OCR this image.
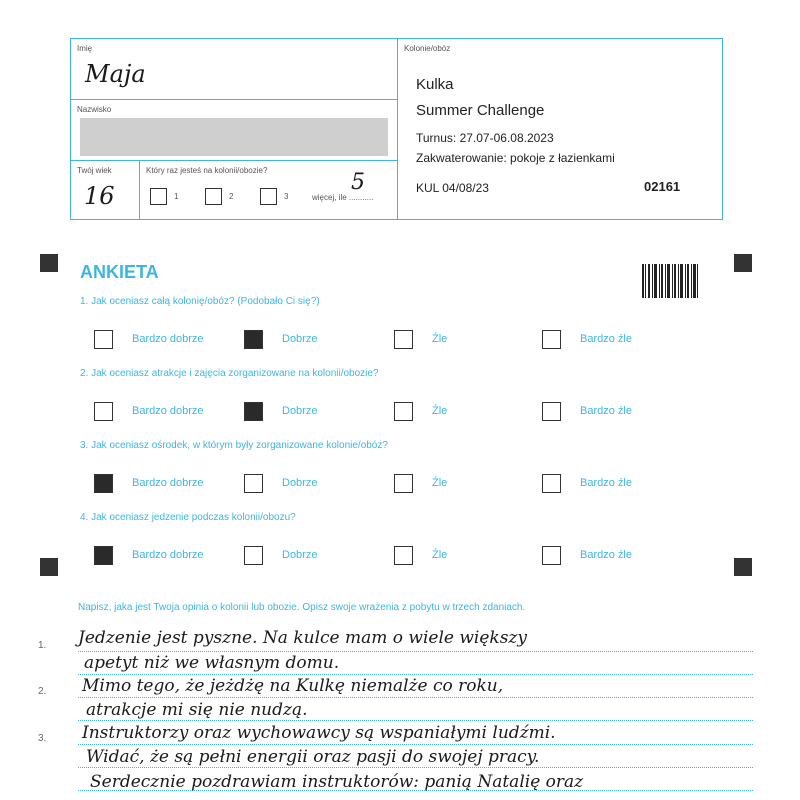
Imię
Maja
Nazwisko
Twój wiek
16
Który raz jesteś na kolonii/obozie?
1	2	3
5
więcej, ile ...........
Kolonie/obóz
Kulka
Summer Challenge
Turnus: 27.07-06.08.2023
Zakwaterowanie: pokoje z łazienkami
KUL 04/08/23	02161
ANKIETA
1. Jak oceniasz całą kolonię/obóz? (Podobało Ci się?)
Bardzo dobrze	Dobrze	Źle	Bardzo źle
2. Jak oceniasz atrakcje i zajęcia zorganizowane na kolonii/obozie?
Bardzo dobrze	Dobrze	Źle	Bardzo źle
3. Jak oceniasz ośrodek, w którym były zorganizowane kolonie/obóz?
Bardzo dobrze	Dobrze	Źle	Bardzo źle
4. Jak oceniasz jedzenie podczas kolonii/obozu?
Bardzo dobrze	Dobrze	Źle	Bardzo źle
Napisz, jaka jest Twoja opinia o kolonii lub obozie. Opisz swoje wrażenia z pobytu w trzech zdaniach.
1.
2.
3.
Jedzenie jest pyszne. Na kulce mam o wiele większy
apetyt niż we własnym domu.
Mimo tego, że jeżdżę na Kulkę niemalże co roku,
atrakcje mi się nie nudzą.
Instruktorzy oraz wychowawcy są wspaniałymi ludźmi.
Widać, że są pełni energii oraz pasji do swojej pracy.
Serdecznie pozdrawiam instruktorów: panią Natalię oraz
